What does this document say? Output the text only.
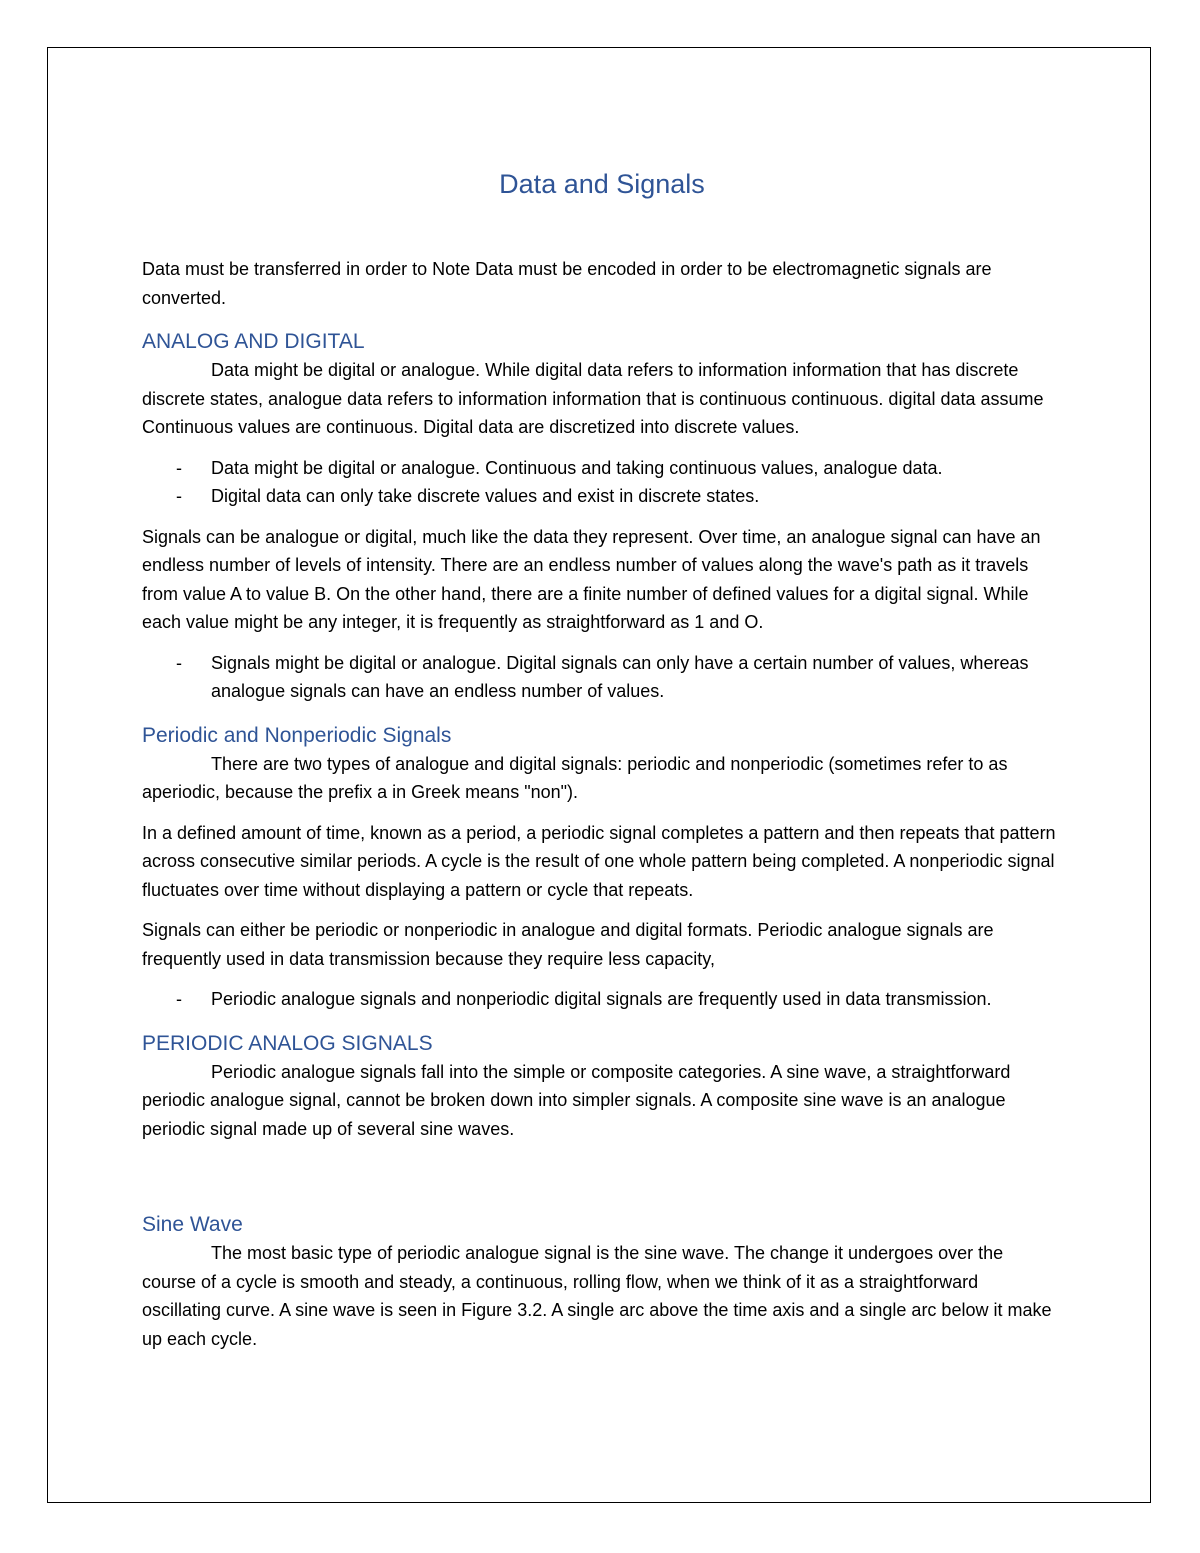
Data and Signals

Data must be transferred in order to Note Data must be encoded in order to be electromagnetic signals are converted.

ANALOG AND DIGITAL

Data might be digital or analogue. While digital data refers to information information that has discrete discrete states, analogue data refers to information information that is continuous continuous. digital data assume Continuous values are continuous. Digital data are discretized into discrete values.

- Data might be digital or analogue. Continuous and taking continuous values, analogue data.
- Digital data can only take discrete values and exist in discrete states.

Signals can be analogue or digital, much like the data they represent. Over time, an analogue signal can have an endless number of levels of intensity. There are an endless number of values along the wave's path as it travels from value A to value B. On the other hand, there are a finite number of defined values for a digital signal. While each value might be any integer, it is frequently as straightforward as 1 and O.

- Signals might be digital or analogue. Digital signals can only have a certain number of values, whereas analogue signals can have an endless number of values.
Periodic and Nonperiodic Signals

There are two types of analogue and digital signals: periodic and nonperiodic (sometimes refer to as aperiodic, because the prefix a in Greek means "non").

In a defined amount of time, known as a period, a periodic signal completes a pattern and then repeats that pattern across consecutive similar periods. A cycle is the result of one whole pattern being completed. A nonperiodic signal fluctuates over time without displaying a pattern or cycle that repeats.

Signals can either be periodic or nonperiodic in analogue and digital formats. Periodic analogue signals are frequently used in data transmission because they require less capacity,

- Periodic analogue signals and nonperiodic digital signals are frequently used in data transmission.
PERIODIC ANALOG SIGNALS

Periodic analogue signals fall into the simple or composite categories. A sine wave, a straightforward periodic analogue signal, cannot be broken down into simpler signals. A composite sine wave is an analogue periodic signal made up of several sine waves.

Sine Wave

The most basic type of periodic analogue signal is the sine wave. The change it undergoes over the course of a cycle is smooth and steady, a continuous, rolling flow, when we think of it as a straightforward oscillating curve. A sine wave is seen in Figure 3.2. A single arc above the time axis and a single arc below it make up each cycle.
